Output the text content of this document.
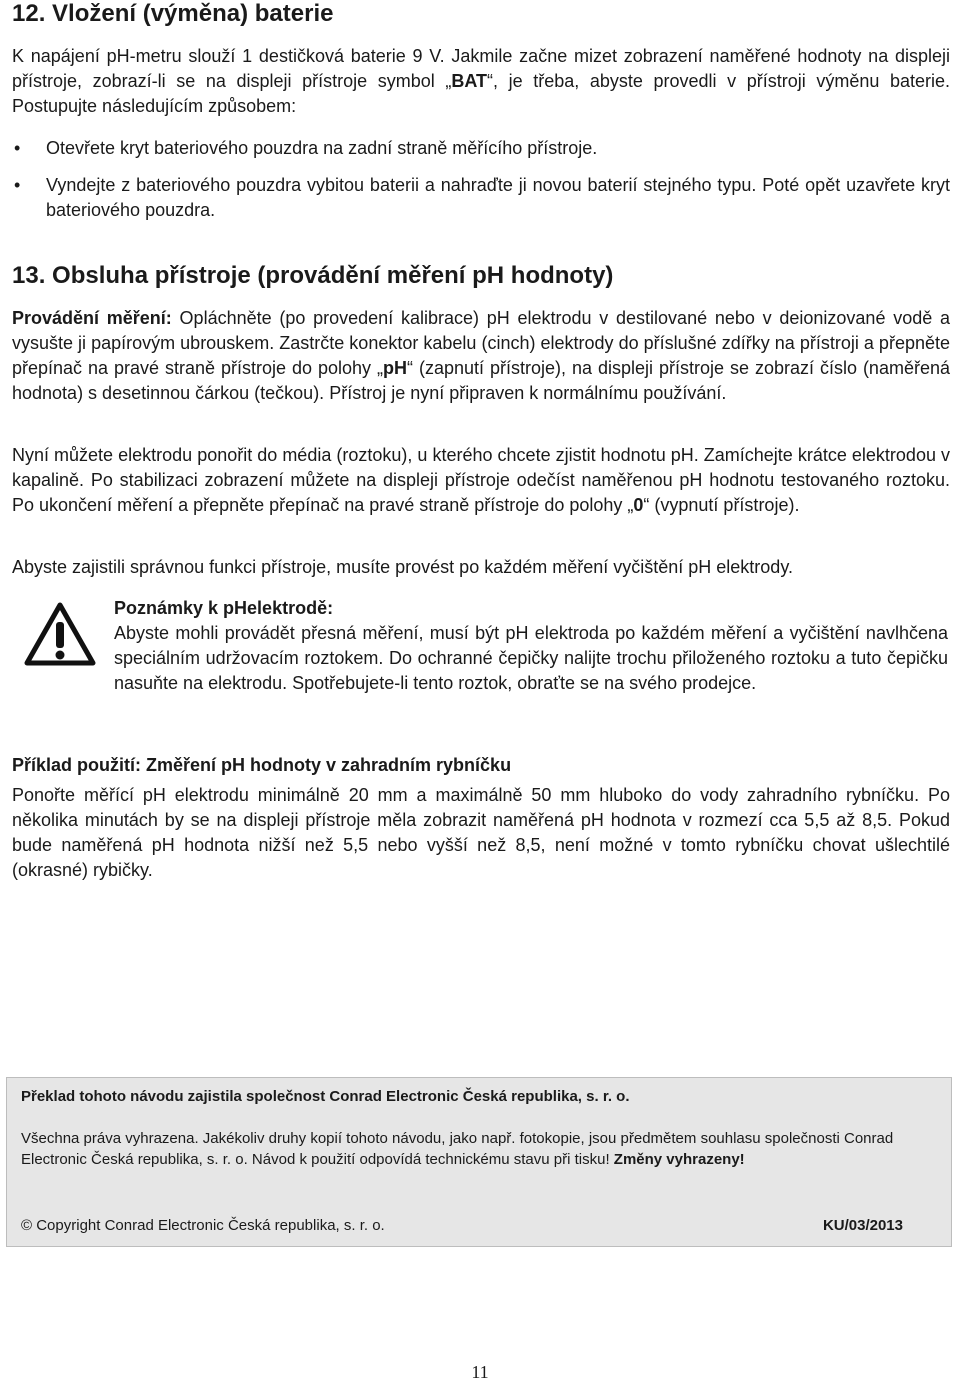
12. Vložení (výměna) baterie

K napájení pH-metru slouží 1 destičková baterie 9 V. Jakmile začne mizet zobrazení naměřené hodnoty na displeji přístroje, zobrazí-li se na displeji přístroje symbol „BAT“, je třeba, abyste provedli v přístroji výměnu baterie. Postupujte následujícím způsobem:

• Otevřete kryt bateriového pouzdra na zadní straně měřícího přístroje.

• Vyndejte z bateriového pouzdra vybitou baterii a nahraďte ji novou baterií stejného typu. Poté opět uzavřete kryt bateriového pouzdra.

13. Obsluha přístroje (provádění měření pH hodnoty)

Provádění měření: Opláchněte (po provedení kalibrace) pH elektrodu v destilované nebo v deionizované vodě a vysušte ji papírovým ubrouskem. Zastrčte konektor kabelu (cinch) elektrody do příslušné zdířky na přístroji a přepněte přepínač na pravé straně přístroje do polohy „pH“ (zapnutí přístroje), na displeji přístroje se zobrazí číslo (naměřená hodnota) s desetinnou čárkou (tečkou). Přístroj je nyní připraven k normálnímu používání.

Nyní můžete elektrodu ponořit do média (roztoku), u kterého chcete zjistit hodnotu pH. Zamíchejte krátce elektrodou v kapalině. Po stabilizaci zobrazení můžete na displeji přístroje odečíst naměřenou pH hodnotu testovaného roztoku. Po ukončení měření a přepněte přepínač na pravé straně přístroje do polohy „0“ (vypnutí přístroje).

Abyste zajistili správnou funkci přístroje, musíte provést po každém měření vyčištění pH elektrody.

Poznámky k pHelektrodě:

Abyste mohli provádět přesná měření, musí být pH elektroda po každém měření a vyčištění navlhčena speciálním udržovacím roztokem. Do ochranné čepičky nalijte trochu přiloženého roztoku a tuto čepičku nasuňte na elektrodu. Spotřebujete-li tento roztok, obraťte se na svého prodejce.

Příklad použití: Změření pH hodnoty v zahradním rybníčku

Ponořte měřící pH elektrodu minimálně 20 mm a maximálně 50 mm hluboko do vody zahradního rybníčku. Po několika minutách by se na displeji přístroje měla zobrazit naměřená pH hodnota v rozmezí cca 5,5 až 8,5. Pokud bude naměřená pH hodnota nižší než 5,5 nebo vyšší než 8,5, není možné v tomto rybníčku chovat ušlechtilé (okrasné) rybičky.

Překlad tohoto návodu zajistila společnost Conrad Electronic Česká republika, s. r. o.
Všechna práva vyhrazena. Jakékoliv druhy kopií tohoto návodu, jako např. fotokopie, jsou předmětem souhlasu společnosti Conrad Electronic Česká republika, s. r. o. Návod k použití odpovídá technickému stavu při tisku! Změny vyhrazeny!
© Copyright Conrad Electronic Česká republika, s. r. o.	KU/03/2013
11
